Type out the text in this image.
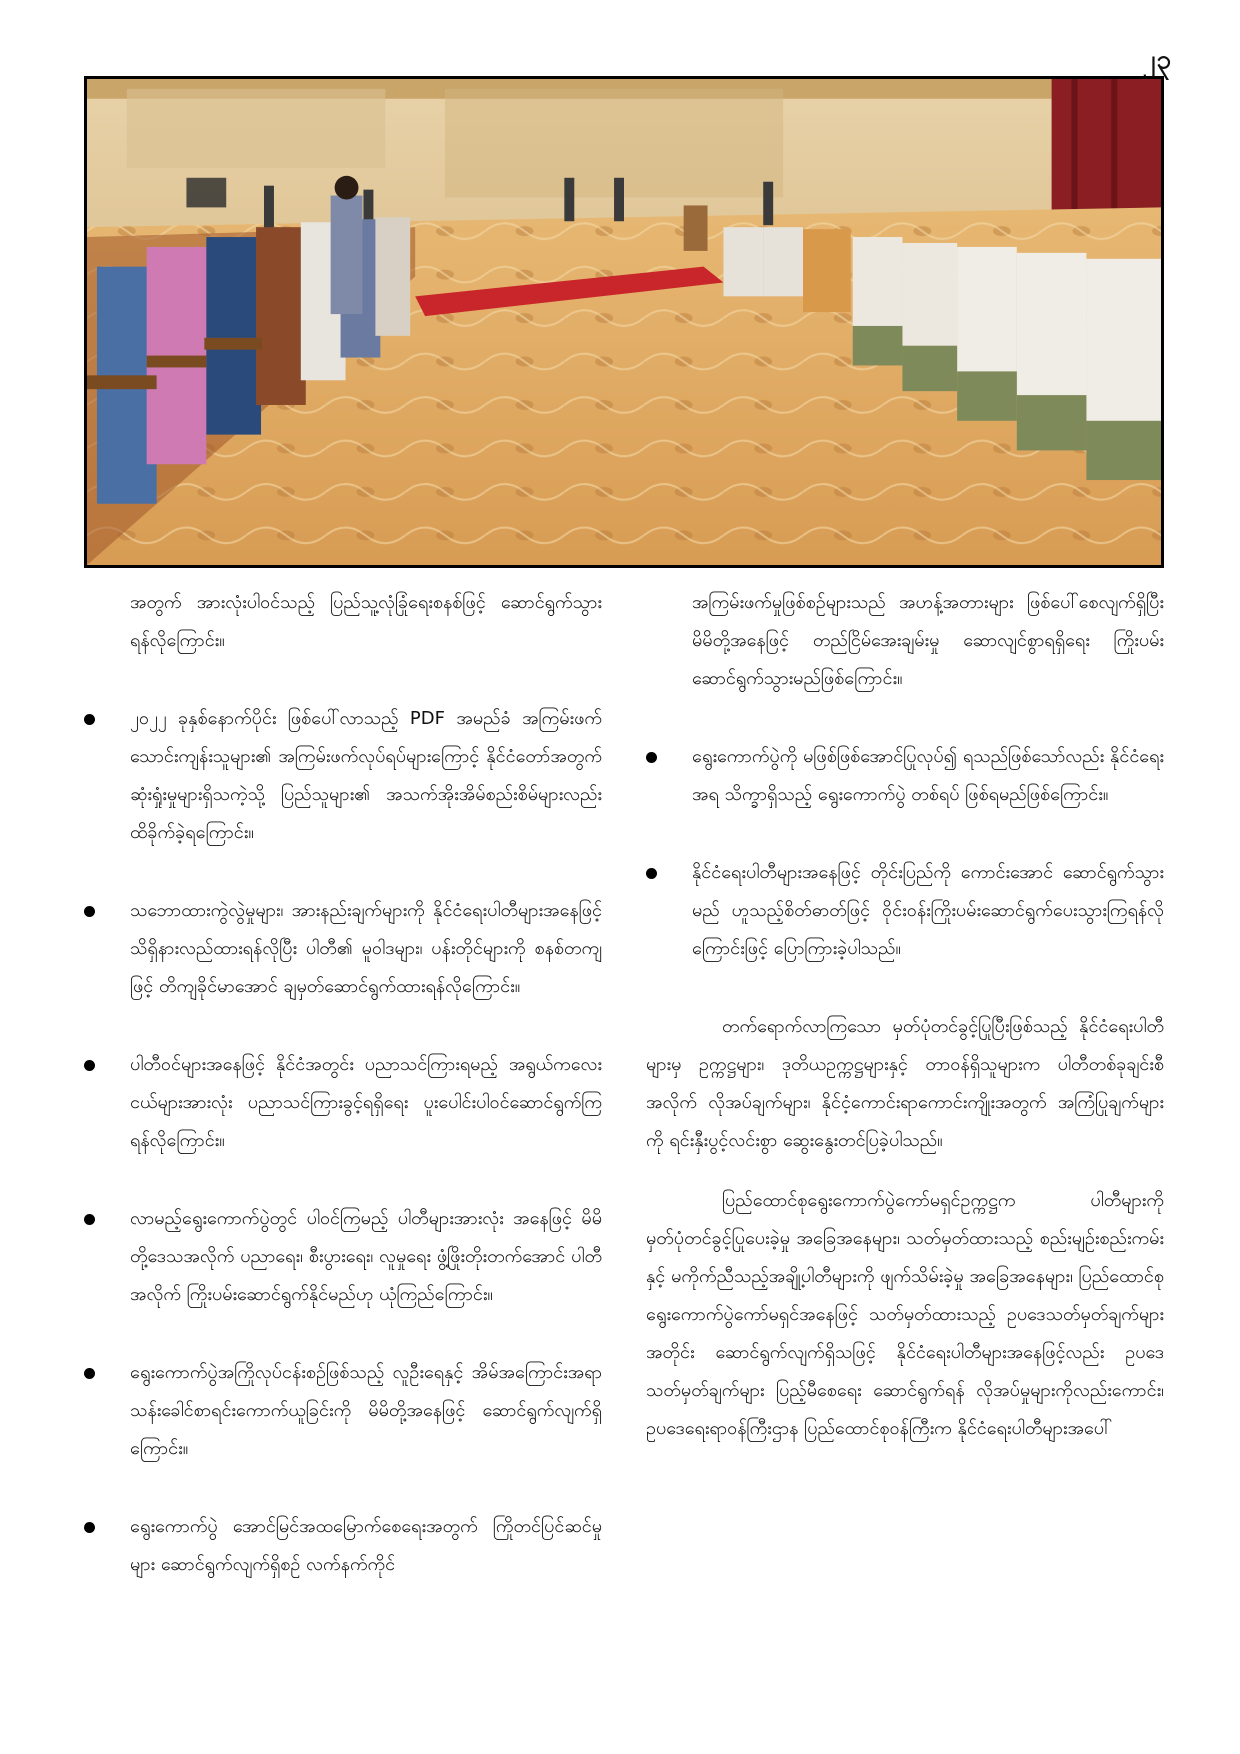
၂၃

အတွက် အားလုံးပါဝင်သည့် ပြည်သူ့လုံခြုံရေးစနစ်ဖြင့် ဆောင်ရွက်သွားရန်လိုကြောင်း။

၂၀၂၂ ခုနှစ်နောက်ပိုင်း ဖြစ်ပေါ်လာသည့် PDF အမည်ခံ အကြမ်းဖက်သောင်းကျန်းသူများ၏ အကြမ်းဖက်လုပ်ရပ်များကြောင့် နိုင်ငံတော်အတွက် ဆုံးရှုံးမှုများရှိသကဲ့သို့ ပြည်သူများ၏ အသက်အိုးအိမ်စည်းစိမ်များလည်း ထိခိုက်ခဲ့ရကြောင်း။
သဘောထားကွဲလွဲမှုများ၊ အားနည်းချက်များကို နိုင်ငံရေးပါတီများအနေဖြင့် သိရှိနားလည်ထားရန်လိုပြီး ပါတီ၏ မူဝါဒများ၊ ပန်းတိုင်များကို စနစ်တကျဖြင့် တိကျခိုင်မာအောင် ချမှတ်ဆောင်ရွက်ထားရန်လိုကြောင်း။
ပါတီဝင်များအနေဖြင့် နိုင်ငံအတွင်း ပညာသင်ကြားရမည့် အရွယ်ကလေးငယ်များအားလုံး ပညာသင်ကြားခွင့်ရရှိရေး ပူးပေါင်းပါဝင်ဆောင်ရွက်ကြရန်လိုကြောင်း။
လာမည့်ရွေးကောက်ပွဲတွင် ပါဝင်ကြမည့် ပါတီများအားလုံး အနေဖြင့် မိမိတို့ဒေသအလိုက် ပညာရေး၊ စီးပွားရေး၊ လူမှုရေး ဖွံ့ဖြိုးတိုးတက်အောင် ပါတီအလိုက် ကြိုးပမ်းဆောင်ရွက်နိုင်မည်ဟု ယုံကြည်ကြောင်း။
ရွေးကောက်ပွဲအကြိုလုပ်ငန်းစဉ်ဖြစ်သည့် လူဦးရေနှင့် အိမ်အကြောင်းအရာ သန်းခေါင်စာရင်းကောက်ယူခြင်းကို မိမိတို့အနေဖြင့် ဆောင်ရွက်လျက်ရှိကြောင်း။
ရွေးကောက်ပွဲ အောင်မြင်အထမြောက်စေရေးအတွက် ကြိုတင်ပြင်ဆင်မှုများ ဆောင်ရွက်လျက်ရှိစဉ် လက်နက်ကိုင်

အကြမ်းဖက်မှုဖြစ်စဉ်များသည် အဟန့်အတားများ ဖြစ်ပေါ်စေလျက်ရှိပြီး မိမိတို့အနေဖြင့် တည်ငြိမ်အေးချမ်းမှု ဆောလျင်စွာရရှိရေး ကြိုးပမ်းဆောင်ရွက်သွားမည်ဖြစ်ကြောင်း။

ရွေးကောက်ပွဲကို မဖြစ်ဖြစ်အောင်ပြုလုပ်၍ ရသည်ဖြစ်သော်လည်း နိုင်ငံရေးအရ သိက္ခာရှိသည့် ရွေးကောက်ပွဲ တစ်ရပ် ဖြစ်ရမည်ဖြစ်ကြောင်း။
နိုင်ငံရေးပါတီများအနေဖြင့် တိုင်းပြည်ကို ကောင်းအောင် ဆောင်ရွက်သွားမည် ဟူသည့်စိတ်ဓာတ်ဖြင့် ဝိုင်းဝန်းကြိုးပမ်းဆောင်ရွက်ပေးသွားကြရန်လိုကြောင်းဖြင့် ပြောကြားခဲ့ပါသည်။

တက်ရောက်လာကြသော မှတ်ပုံတင်ခွင့်ပြုပြီးဖြစ်သည့် နိုင်ငံရေးပါတီများမှ ဥက္ကဋ္ဌများ၊ ဒုတိယဥက္ကဋ္ဌများနှင့် တာဝန်ရှိသူများက ပါတီတစ်ခုချင်းစီအလိုက် လိုအပ်ချက်များ၊ နိုင်ငံ့ကောင်းရာကောင်းကျိုးအတွက် အကြံပြုချက်များကို ရင်းနှီးပွင့်လင်းစွာ ဆွေးနွေးတင်ပြခဲ့ပါသည်။

ပြည်ထောင်စုရွေးကောက်ပွဲကော်မရှင်ဥက္ကဋ္ဌက ပါတီများကို မှတ်ပုံတင်ခွင့်ပြုပေးခဲ့မှု အခြေအနေများ၊ သတ်မှတ်ထားသည့် စည်းမျဉ်းစည်းကမ်းနှင့် မကိုက်ညီသည့်အချို့ပါတီများကို ဖျက်သိမ်းခဲ့မှု အခြေအနေများ၊ ပြည်ထောင်စုရွေးကောက်ပွဲကော်မရှင်အနေဖြင့် သတ်မှတ်ထားသည့် ဥပဒေသတ်မှတ်ချက်များအတိုင်း ဆောင်ရွက်လျက်ရှိသဖြင့် နိုင်ငံရေးပါတီများအနေဖြင့်လည်း ဥပဒေသတ်မှတ်ချက်များ ပြည့်မီစေရေး ဆောင်ရွက်ရန် လိုအပ်မှုများကိုလည်းကောင်း၊ ဥပဒေရေးရာဝန်ကြီးဌာန ပြည်ထောင်စုဝန်ကြီးက နိုင်ငံရေးပါတီများအပေါ်
